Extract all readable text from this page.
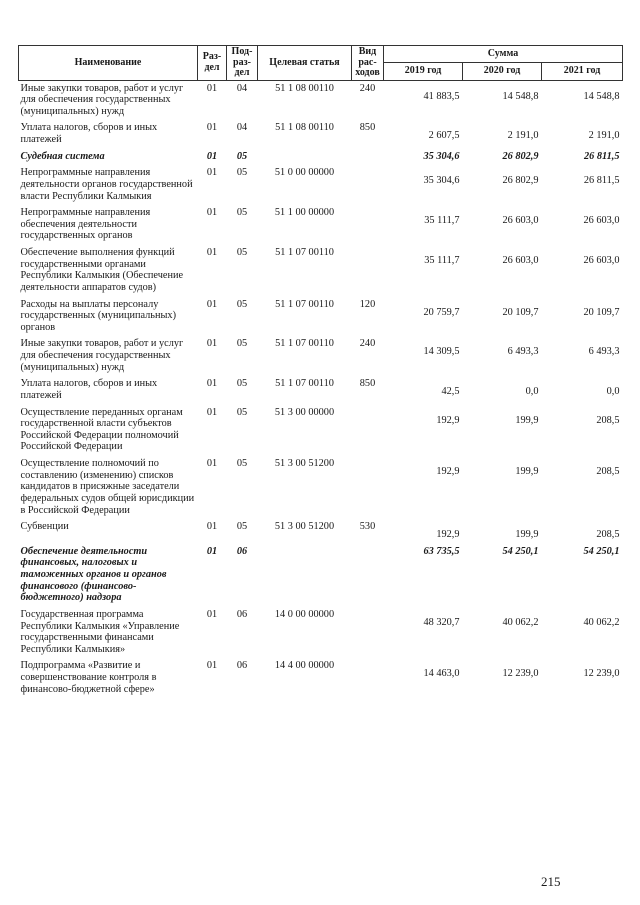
Наименование	Раз-дел	Под-раз-дел	Целевая статья	Вид рас-ходов	Сумма		
					2019 год	2020 год	2021 год
Иные закупки товаров, работ и услуг для обеспечения государственных (муниципальных) нужд	01	04	51 1 08 00110	240	41 883,5	14 548,8	14 548,8
Уплата налогов, сборов и иных платежей	01	04	51 1 08 00110	850	2 607,5	2 191,0	2 191,0
Судебная система	01	05			35 304,6	26 802,9	26 811,5
Непрограммные направления деятельности органов государственной власти Республики Калмыкия	01	05	51 0 00 00000		35 304,6	26 802,9	26 811,5
Непрограммные направления обеспечения деятельности государственных органов	01	05	51 1 00 00000		35 111,7	26 603,0	26 603,0
Обеспечение выполнения функций государственными органами Республики Калмыкия (Обеспечение деятельности аппаратов судов)	01	05	51 1 07 00110		35 111,7	26 603,0	26 603,0
Расходы на выплаты персоналу государственных (муниципальных) органов	01	05	51 1 07 00110	120	20 759,7	20 109,7	20 109,7
Иные закупки товаров, работ и услуг для обеспечения государственных (муниципальных) нужд	01	05	51 1 07 00110	240	14 309,5	6 493,3	6 493,3
Уплата налогов, сборов и иных платежей	01	05	51 1 07 00110	850	42,5	0,0	0,0
Осуществление переданных органам государственной власти субъектов Российской Федерации полномочий Российской Федерации	01	05	51 3 00 00000		192,9	199,9	208,5
Осуществление полномочий по составлению (изменению) списков кандидатов в присяжные заседатели федеральных судов общей юрисдикции в Российской Федерации	01	05	51 3 00 51200		192,9	199,9	208,5
Субвенции	01	05	51 3 00 51200	530	192,9	199,9	208,5
Обеспечение деятельности финансовых, налоговых и таможенных органов и органов финансового (финансово-бюджетного) надзора	01	06			63 735,5	54 250,1	54 250,1
Государственная программа Республики Калмыкия «Управление государственными финансами Республики Калмыкия»	01	06	14 0 00 00000		48 320,7	40 062,2	40 062,2
Подпрограмма «Развитие и совершенствование контроля в финансово-бюджетной сфере»	01	06	14 4 00 00000		14 463,0	12 239,0	12 239,0
215
